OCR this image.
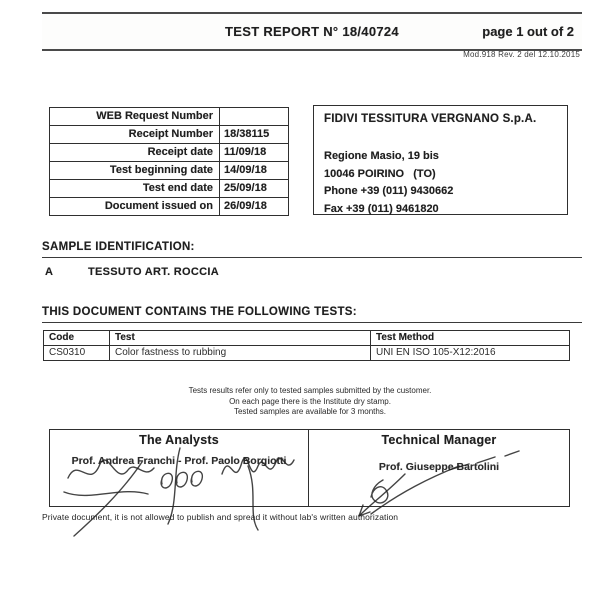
TEST REPORT N° 18/40724	page 1 out of 2
Mod.918 Rev. 2 del 12.10.2015
WEB Request Number
Receipt Number	18/38115
Receipt date	11/09/18
Test beginning date	14/09/18
Test end date	25/09/18
Document issued on	26/09/18
FIDIVI TESSITURA VERGNANO S.p.A.
Regione Masio, 19 bis
10046 POIRINO   (TO)
Phone +39 (011) 9430662
Fax +39 (011) 9461820
SAMPLE IDENTIFICATION:
A	TESSUTO ART. ROCCIA
THIS DOCUMENT CONTAINS THE FOLLOWING TESTS:
Code	Test	Test Method
CS0310	Color fastness to rubbing	UNI EN ISO 105-X12:2016
Tests results refer only to tested samples submitted by the customer.
On each page there is the Institute dry stamp.
Tested samples are available for 3 months.
The Analysts
Prof. Andrea Franchi - Prof. Paolo Borgiotti
Technical Manager
Prof. Giuseppe Bartolini
Private document, it is not allowed to publish and spread it without lab's written authorization
